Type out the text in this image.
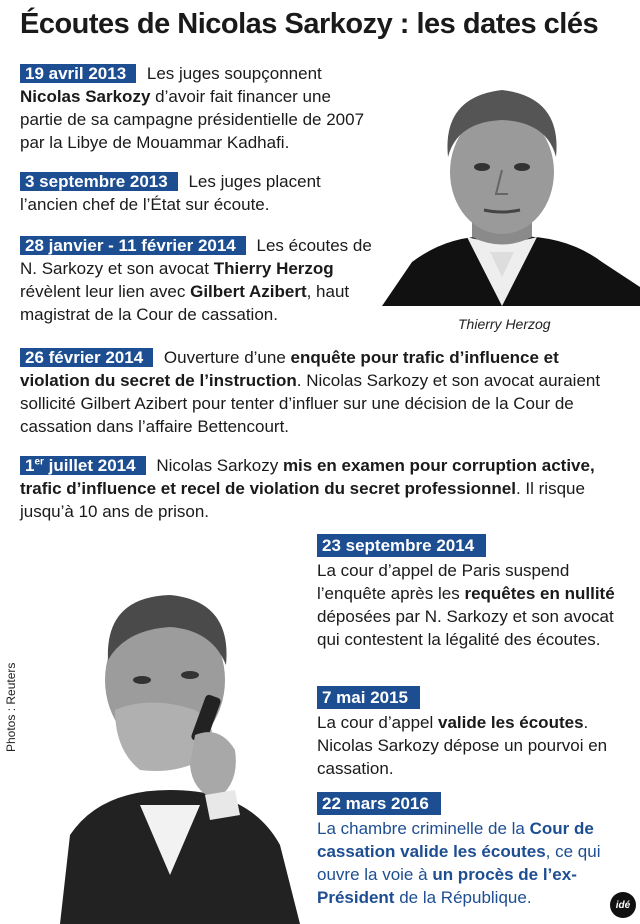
Écoutes de Nicolas Sarkozy : les dates clés
19 avril 2013 Les juges soupçonnent Nicolas Sarkozy d’avoir fait financer une partie de sa campagne présidentielle de 2007 par la Libye de Mouammar Kadhafi.
3 septembre 2013 Les juges placent l’ancien chef de l’État sur écoute.
28 janvier - 11 février 2014 Les écoutes de N. Sarkozy et son avocat Thierry Herzog révèlent leur lien avec Gilbert Azibert, haut magistrat de la Cour de cassation.	Thierry Herzog
26 février 2014 Ouverture d’une enquête pour trafic d’influence et violation du secret de l’instruction. Nicolas Sarkozy et son avocat auraient sollicité Gilbert Azibert pour tenter d’influer sur une décision de la Cour de cassation dans l’affaire Bettencourt.
1er juillet 2014 Nicolas Sarkozy mis en examen pour corruption active, trafic d’influence et recel de violation du secret professionnel. Il risque jusqu’à 10 ans de prison.
Photos : Reuters
23 septembre 2014
La cour d’appel de Paris suspend l’enquête après les requêtes en nullité déposées par N. Sarkozy et son avocat qui contestent la légalité des écoutes.
7 mai 2015
La cour d’appel valide les écoutes. Nicolas Sarkozy dépose un pourvoi en cassation.
22 mars 2016
La chambre criminelle de la Cour de cassation valide les écoutes, ce qui ouvre la voie à un procès de l’ex-Président de la République.	idé
